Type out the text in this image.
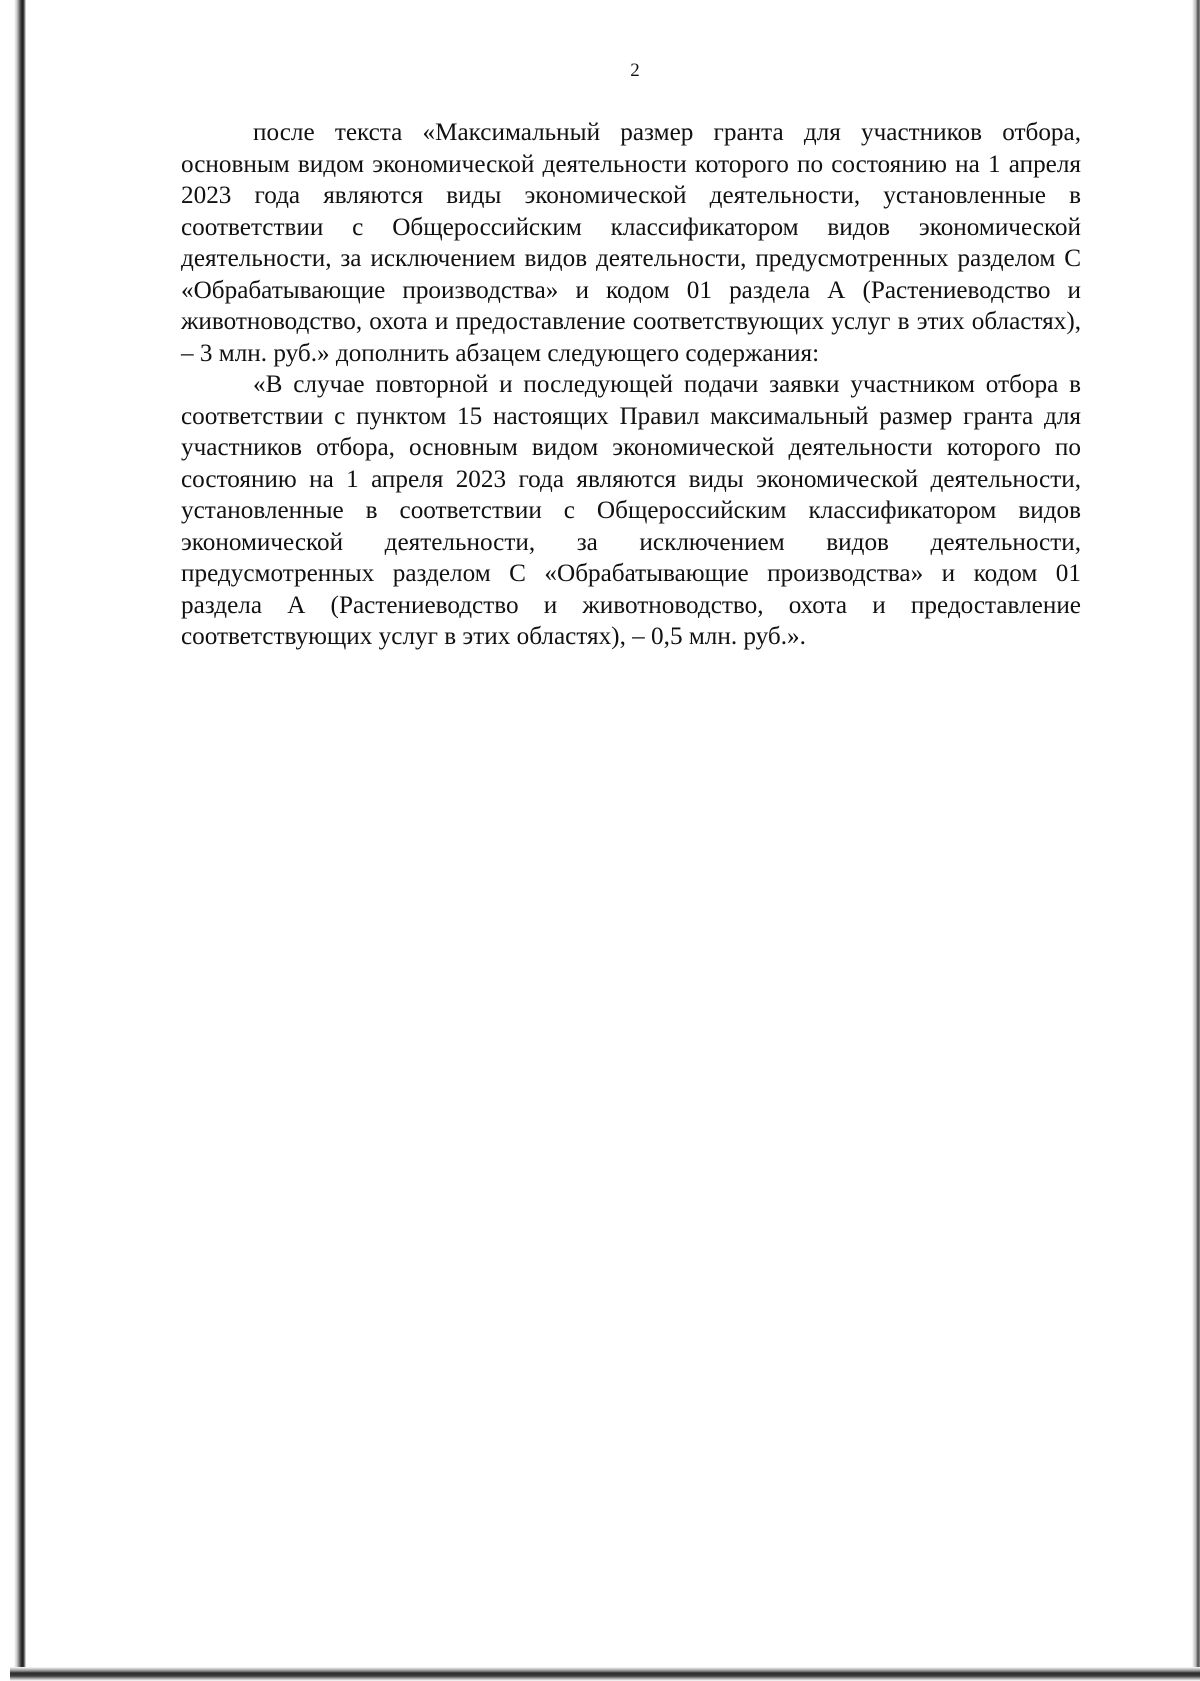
2

после текста «Максимальный размер гранта для участников отбора, основным видом экономической деятельности которого по состоянию на 1 апреля 2023 года являются виды экономической деятельности, установленные в соответствии с Общероссийским классификатором видов экономической деятельности, за исключением видов деятельности, предусмотренных разделом С «Обрабатывающие производства» и кодом 01 раздела А (Растениеводство и животноводство, охота и предоставление соответствующих услуг в этих областях), – 3 млн. руб.» дополнить абзацем следующего содержания:

«В случае повторной и последующей подачи заявки участником отбора в соответствии с пунктом 15 настоящих Правил максимальный размер гранта для участников отбора, основным видом экономической деятельности которого по состоянию на 1 апреля 2023 года являются виды экономической деятельности, установленные в соответствии с Общероссийским классификатором видов экономической деятельности, за исключением видов деятельности, предусмотренных разделом С «Обрабатывающие производства» и кодом 01 раздела А (Растениеводство и животноводство, охота и предоставление соответствующих услуг в этих областях), – 0,5 млн. руб.».
